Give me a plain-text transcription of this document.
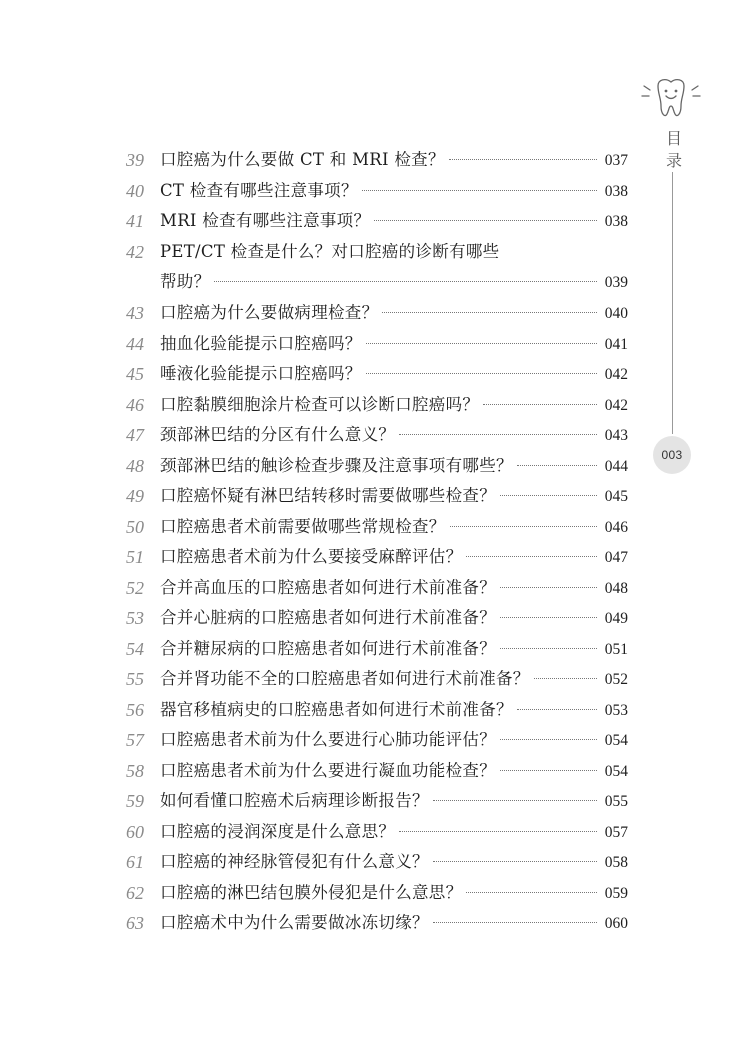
目
录
003
39 口腔癌为什么要做 CT 和 MRI 检查？	037
40 CT 检查有哪些注意事项？	038
41 MRI 检查有哪些注意事项？	038
42 PET/CT 检查是什么？对口腔癌的诊断有哪些
帮助？	039
43 口腔癌为什么要做病理检查？	040
44 抽血化验能提示口腔癌吗？	041
45 唾液化验能提示口腔癌吗？	042
46 口腔黏膜细胞涂片检查可以诊断口腔癌吗？	042
47 颈部淋巴结的分区有什么意义？	043
48 颈部淋巴结的触诊检查步骤及注意事项有哪些？	044
49 口腔癌怀疑有淋巴结转移时需要做哪些检查？	045
50 口腔癌患者术前需要做哪些常规检查？	046
51 口腔癌患者术前为什么要接受麻醉评估？	047
52 合并高血压的口腔癌患者如何进行术前准备？	048
53 合并心脏病的口腔癌患者如何进行术前准备？	049
54 合并糖尿病的口腔癌患者如何进行术前准备？	051
55 合并肾功能不全的口腔癌患者如何进行术前准备？	052
56 器官移植病史的口腔癌患者如何进行术前准备？	053
57 口腔癌患者术前为什么要进行心肺功能评估？	054
58 口腔癌患者术前为什么要进行凝血功能检查？	054
59 如何看懂口腔癌术后病理诊断报告？	055
60 口腔癌的浸润深度是什么意思？	057
61 口腔癌的神经脉管侵犯有什么意义？	058
62 口腔癌的淋巴结包膜外侵犯是什么意思？	059
63 口腔癌术中为什么需要做冰冻切缘？	060
